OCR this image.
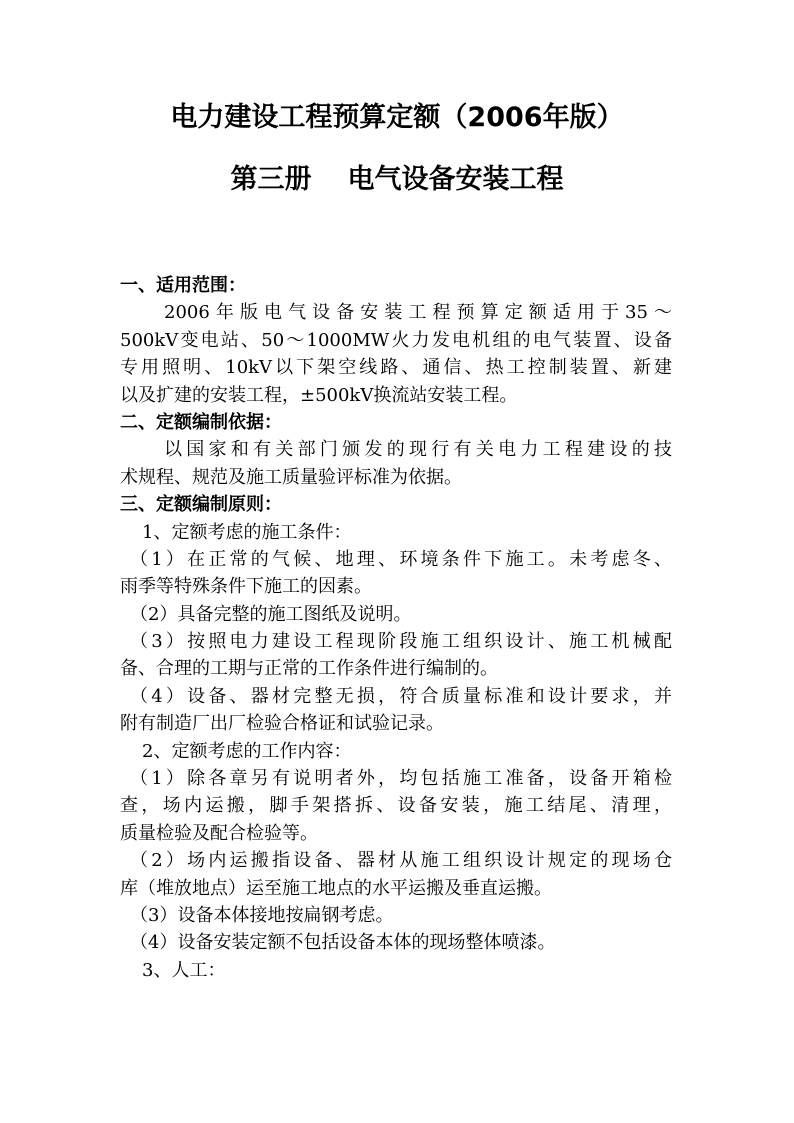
电力建设工程预算定额（2006年版）
第三册 电气设备安装工程
一、适用范围：
2006年版电气设备安装工程预算定额适用于35～
500kV变电站、50～1000MW火力发电机组的电气装置、设备
专用照明、10kV以下架空线路、通信、热工控制装置、新建
以及扩建的安装工程，±500kV换流站安装工程。
二、定额编制依据：
以国家和有关部门颁发的现行有关电力工程建设的技
术规程、规范及施工质量验评标准为依据。
三、定额编制原则：
1、定额考虑的施工条件：
（1）在正常的气候、地理、环境条件下施工。未考虑冬、
雨季等特殊条件下施工的因素。
（2）具备完整的施工图纸及说明。
（3）按照电力建设工程现阶段施工组织设计、施工机械配
备、合理的工期与正常的工作条件进行编制的。
（4）设备、器材完整无损，符合质量标准和设计要求，并
附有制造厂出厂检验合格证和试验记录。
2、定额考虑的工作内容：
（1）除各章另有说明者外，均包括施工准备，设备开箱检
查，场内运搬，脚手架搭拆、设备安装，施工结尾、清理，
质量检验及配合检验等。
（2）场内运搬指设备、器材从施工组织设计规定的现场仓
库（堆放地点）运至施工地点的水平运搬及垂直运搬。
（3）设备本体接地按扁钢考虑。
（4）设备安装定额不包括设备本体的现场整体喷漆。
3、人工：
